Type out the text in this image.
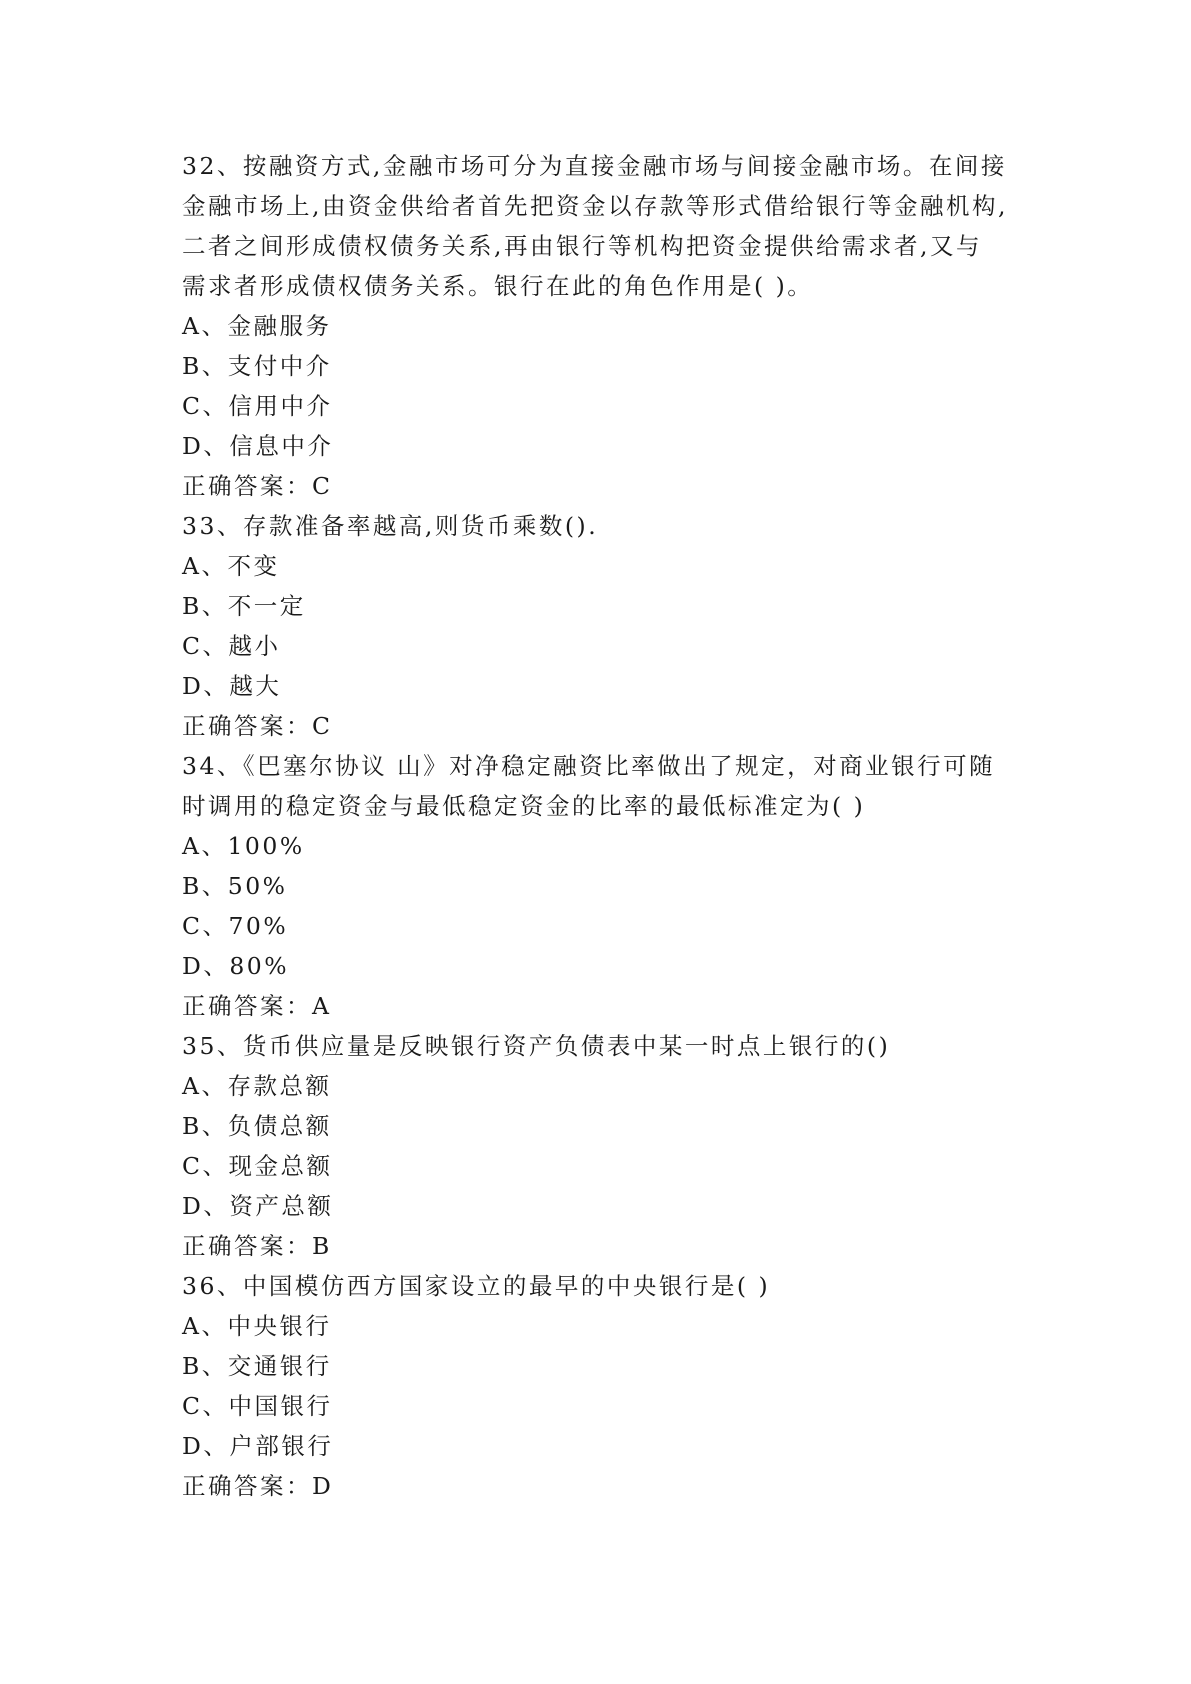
32、按融资方式,金融市场可分为直接金融市场与间接金融市场。在间接
金融市场上,由资金供给者首先把资金以存款等形式借给银行等金融机构,
二者之间形成债权债务关系,再由银行等机构把资金提供给需求者,又与
需求者形成债权债务关系。银行在此的角色作用是( )。
A、金融服务
B、支付中介
C、信用中介
D、信息中介
正确答案：C
33、存款准备率越高,则货币乘数().
A、不变
B、不一定
C、越小
D、越大
正确答案：C
34、《巴塞尔协议 山》对净稳定融资比率做出了规定，对商业银行可随
时调用的稳定资金与最低稳定资金的比率的最低标准定为( )
A、100%
B、50%
C、70%
D、80%
正确答案：A
35、货币供应量是反映银行资产负债表中某一时点上银行的()
A、存款总额
B、负债总额
C、现金总额
D、资产总额
正确答案：B
36、中国模仿西方国家设立的最早的中央银行是( )
A、中央银行
B、交通银行
C、中国银行
D、户部银行
正确答案：D
